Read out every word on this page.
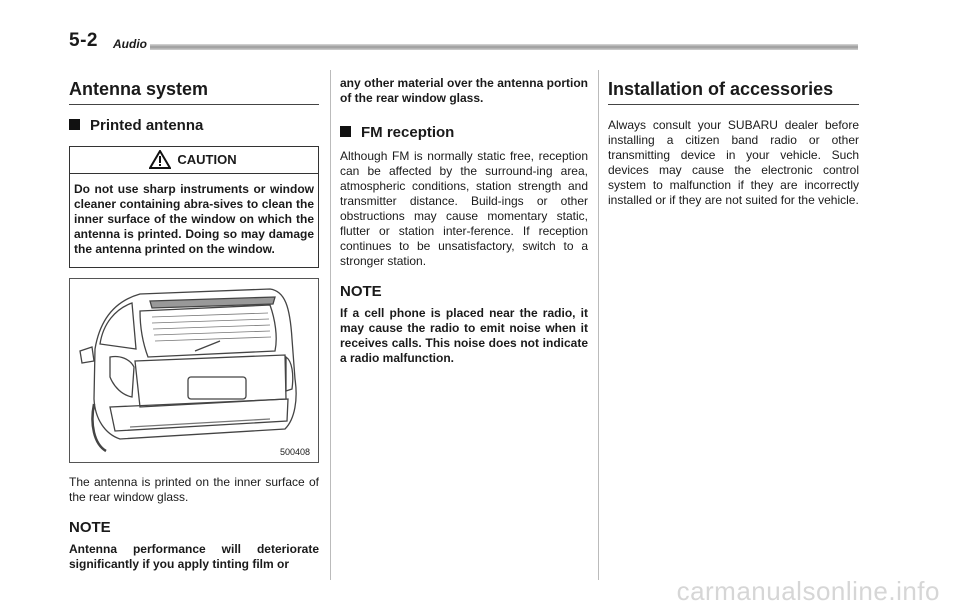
5-2 Audio
Antenna system
Printed antenna
CAUTION

Do not use sharp instruments or window cleaner containing abra-sives to clean the inner surface of the window on which the antenna is printed. Doing so may damage the antenna printed on the window.

500408

The antenna is printed on the inner surface of the rear window glass.

NOTE

Antenna performance will deteriorate significantly if you apply tinting film or

any other material over the antenna portion of the rear window glass.

FM reception

Although FM is normally static free, reception can be affected by the surround-ing area, atmospheric conditions, station strength and transmitter distance. Build-ings or other obstructions may cause momentary static, flutter or station inter-ference. If reception continues to be unsatisfactory, switch to a stronger station.

NOTE

If a cell phone is placed near the radio, it may cause the radio to emit noise when it receives calls. This noise does not indicate a radio malfunction.

Installation of accessories

Always consult your SUBARU dealer before installing a citizen band radio or other transmitting device in your vehicle. Such devices may cause the electronic control system to malfunction if they are incorrectly installed or if they are not suited for the vehicle.

carmanualsonline.info
